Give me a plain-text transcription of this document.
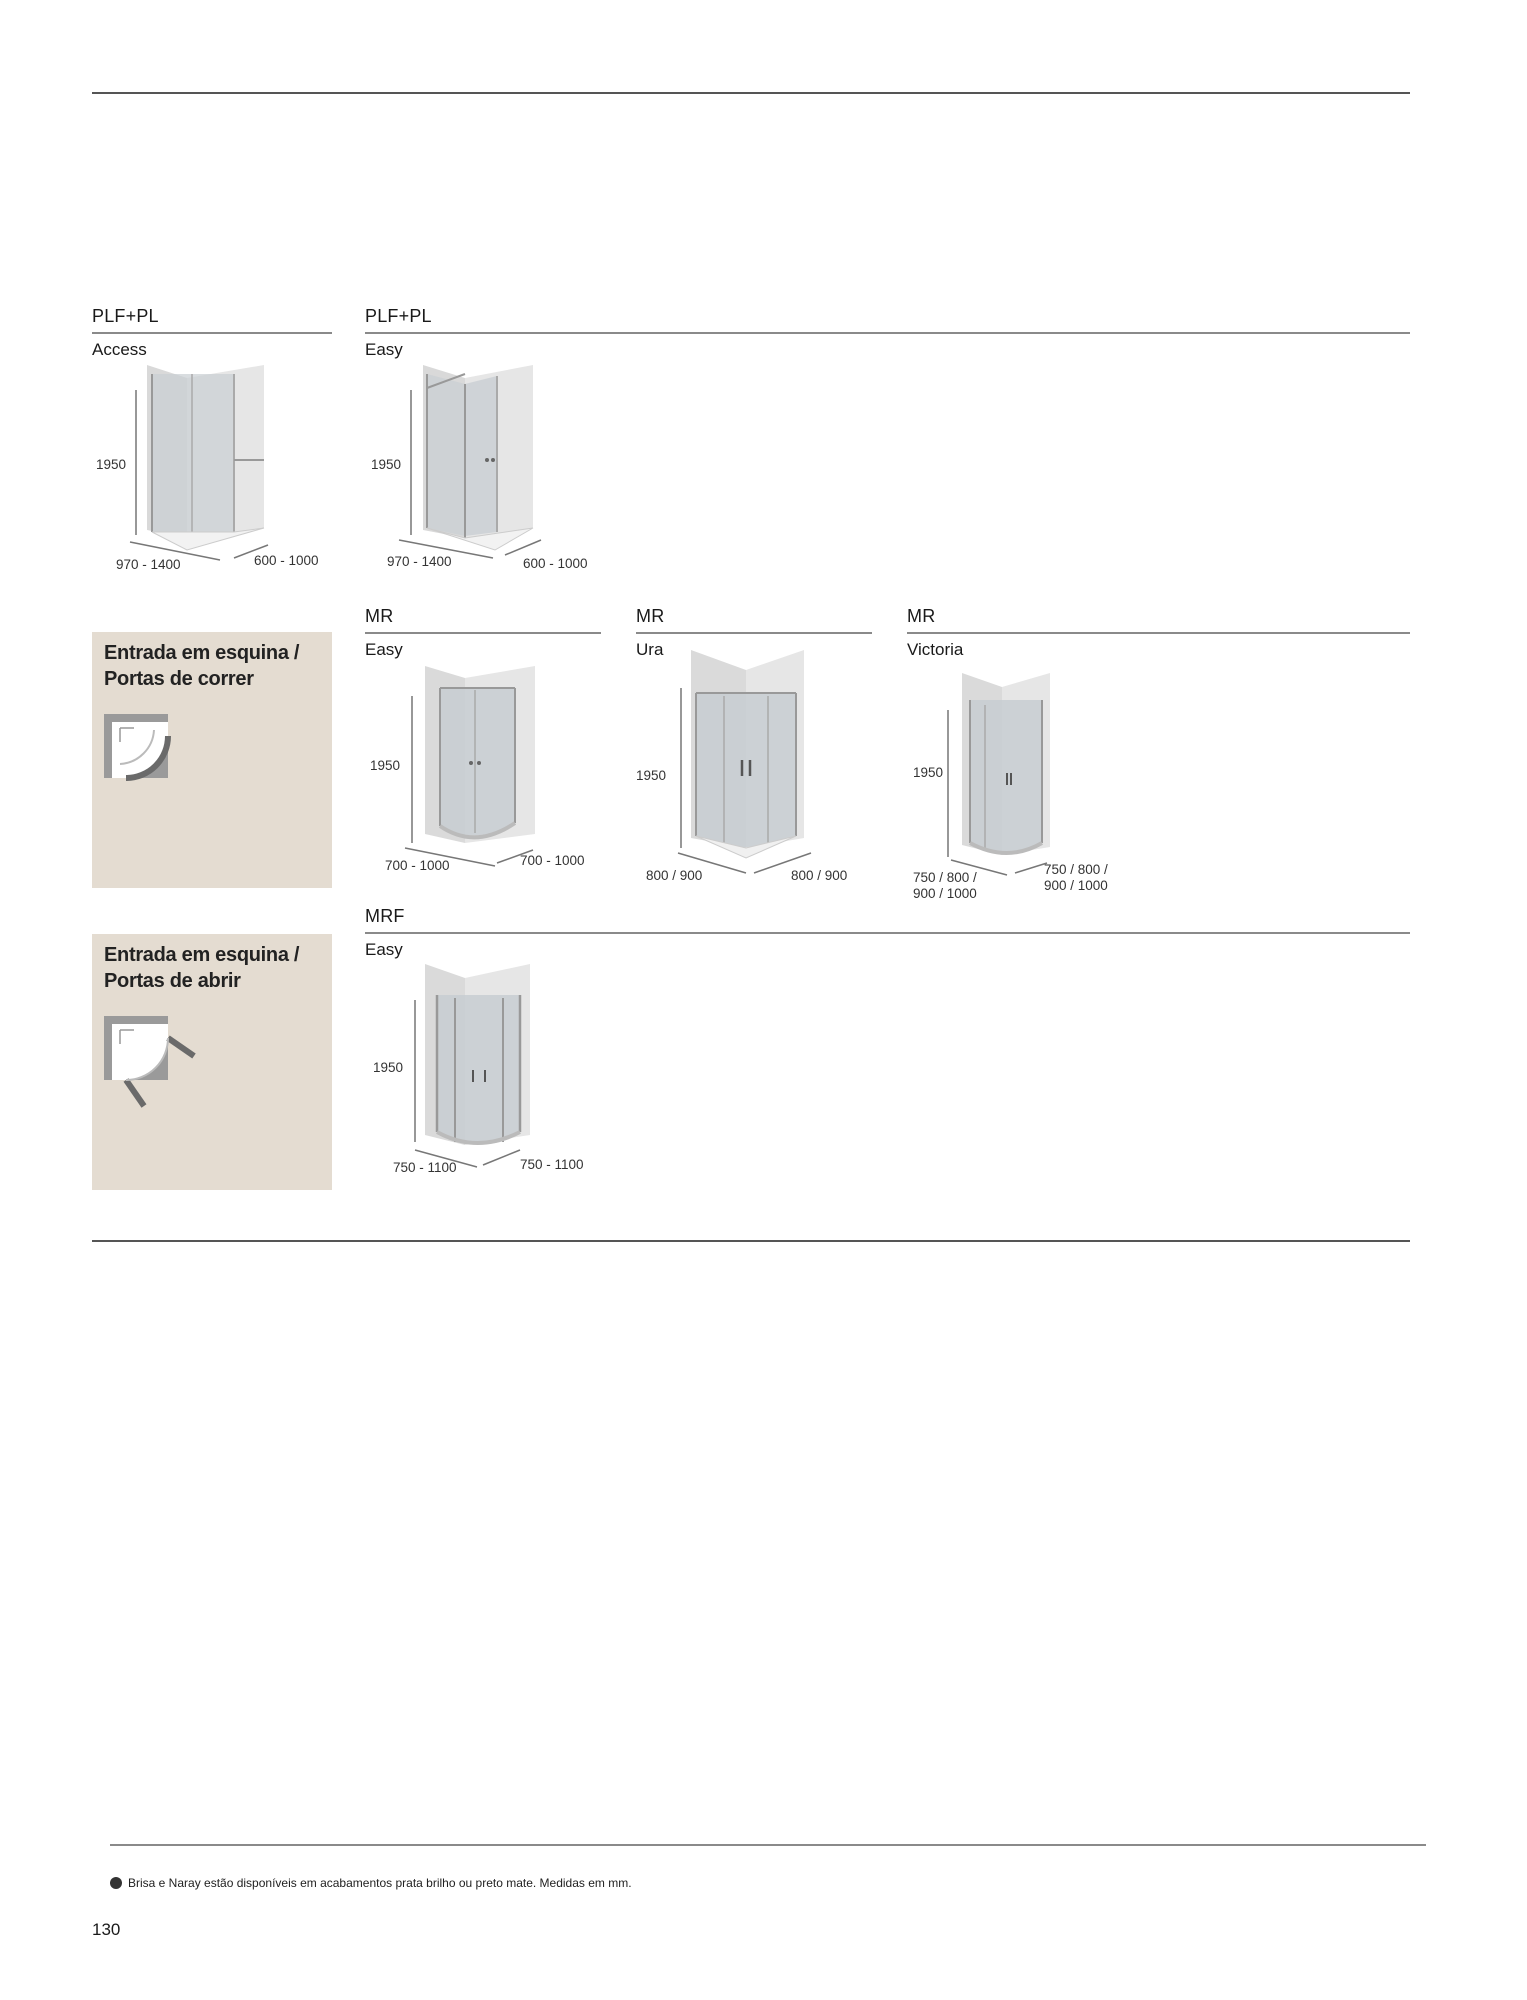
PLF+PL
Access
1950
970 - 1400	600 - 1000
PLF+PL
Easy
1950
970 - 1400	600 - 1000
Entrada em esquina /
Portas de correr
MR
Easy
1950
700 - 1000	700 - 1000
MR
Ura
1950
800 / 900	800 / 900
MR
Victoria
1950
750 / 800 /
900 / 1000
750 / 800 /
900 / 1000
Entrada em esquina /
Portas de abrir
MRF
Easy
1950
750 - 1100	750 - 1100
Brisa e Naray estão disponíveis em acabamentos prata brilho ou preto mate. Medidas em mm.
130
